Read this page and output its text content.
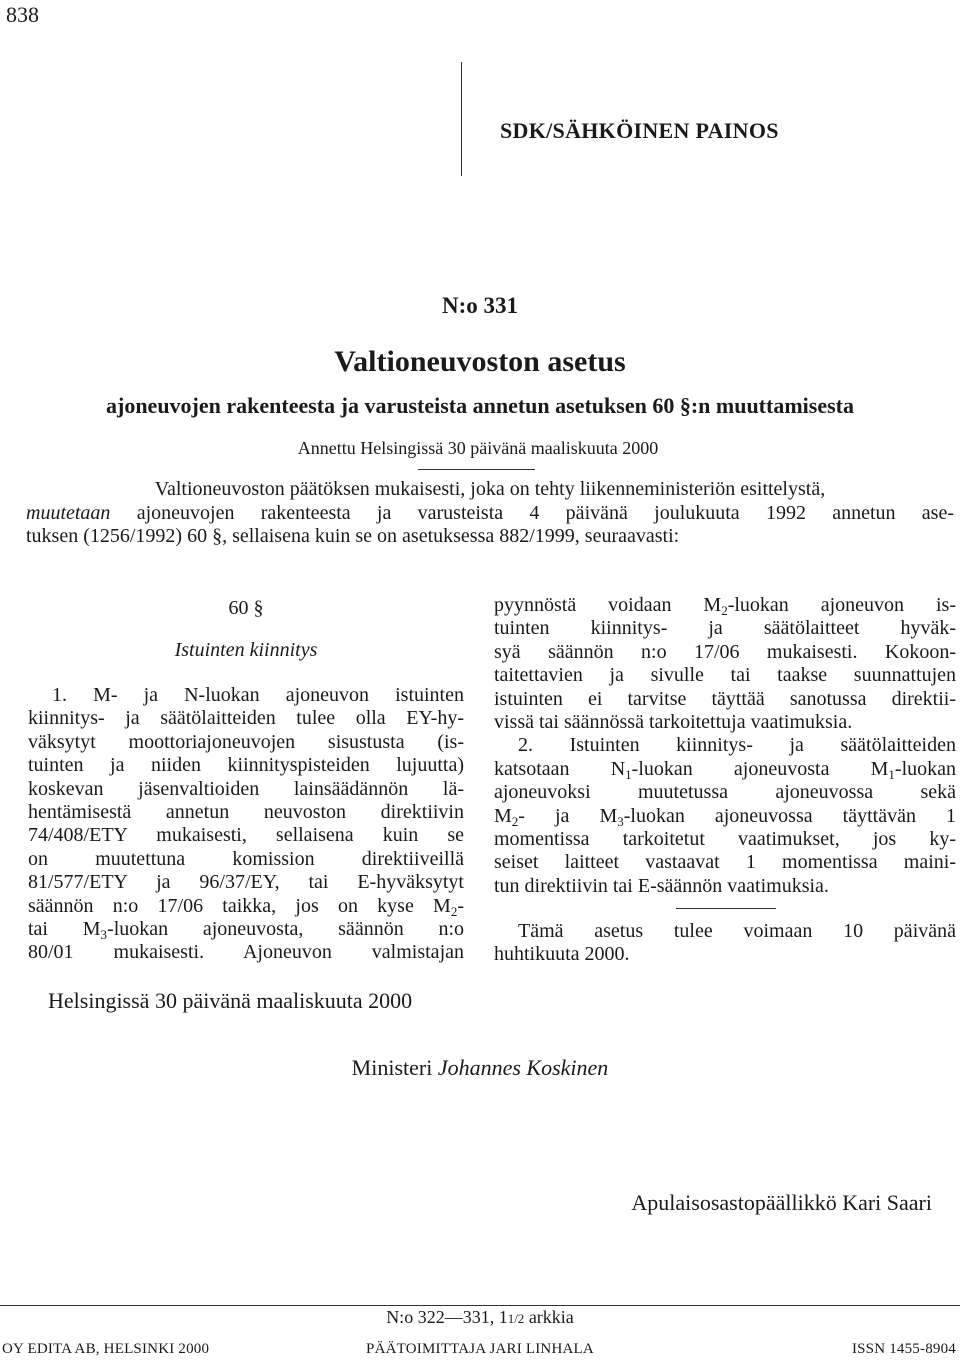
838
SDK/SÄHKÖINEN PAINOS
N:o 331
Valtioneuvoston asetus
ajoneuvojen rakenteesta ja varusteista annetun asetuksen 60 §:n muuttamisesta
Annettu Helsingissä 30 päivänä maaliskuuta 2000
Valtioneuvoston päätöksen mukaisesti, joka on tehty liikenneministeriön esittelystä,
muutetaan ajoneuvojen rakenteesta ja varusteista 4 päivänä joulukuuta 1992 annetun ase-
tuksen (1256/1992) 60 §, sellaisena kuin se on asetuksessa 882/1999, seuraavasti:
60 §
Istuinten kiinnitys
1. M- ja N-luokan ajoneuvon istuinten
kiinnitys- ja säätölaitteiden tulee olla EY-hy-
väksytyt moottoriajoneuvojen sisustusta (is-
tuinten ja niiden kiinnityspisteiden lujuutta)
koskevan jäsenvaltioiden lainsäädännön lä-
hentämisestä annetun neuvoston direktiivin
74/408/ETY mukaisesti, sellaisena kuin se
on muutettuna komission direktiiveillä
81/577/ETY ja 96/37/EY, tai E-hyväksytyt
säännön n:o 17/06 taikka, jos on kyse $M_2-$
tai $M_3$-luokan ajoneuvosta, säännön n:o
80/01 mukaisesti. Ajoneuvon valmistajan
pyynnöstä voidaan $M_2$-luokan ajoneuvon is-
tuinten kiinnitys- ja säätölaitteet hyväk-
syä säännön n:o 17/06 mukaisesti. Kokoon-
taitettavien ja sivulle tai taakse suunnattujen
istuinten ei tarvitse täyttää sanotussa direktii-
vissä tai säännössä tarkoitettuja vaatimuksia.
2. Istuinten kiinnitys- ja säätölaitteiden
katsotaan $N_1$-luokan ajoneuvosta $M_1$-luokan
ajoneuvoksi muutetussa ajoneuvossa sekä
$M_2-$ ja $M_3$-luokan ajoneuvossa täyttävän 1
momentissa tarkoitetut vaatimukset, jos ky-
seiset laitteet vastaavat 1 momentissa maini-
tun direktiivin tai E-säännön vaatimuksia.
Tämä asetus tulee voimaan 10 päivänä
huhtikuuta 2000.
Helsingissä 30 päivänä maaliskuuta 2000
Ministeri Johannes Koskinen
Apulaisosastopäällikkö Kari Saari
N:o 322—331, 11/2 arkkia
OY EDITA AB, HELSINKI 2000	PÄÄTOIMITTAJA JARI LINHALA	ISSN 1455-8904
